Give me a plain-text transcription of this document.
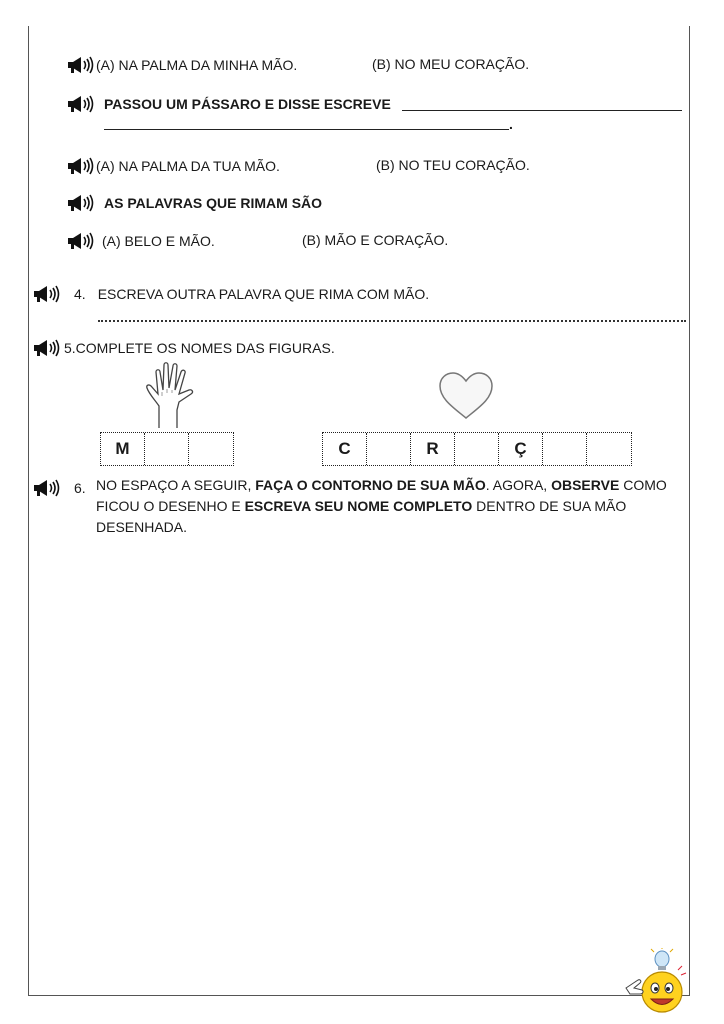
(A) NA PALMA DA MINHA MÃO.	(B) NO MEU CORAÇÃO.
PASSOU UM PÁSSARO E DISSE ESCREVE
.
(A) NA PALMA DA TUA MÃO.	(B) NO TEU CORAÇÃO.
AS PALAVRAS QUE RIMAM SÃO
(A) BELO E MÃO.	(B) MÃO E CORAÇÃO.
4. ESCREVA OUTRA PALAVRA QUE RIMA COM MÃO.
5.COMPLETE OS NOMES DAS FIGURAS.
M	C	R	Ç
6. NO ESPAÇO A SEGUIR, FAÇA O CONTORNO DE SUA MÃO. AGORA, OBSERVE COMO FICOU O DESENHO E ESCREVA SEU NOME COMPLETO DENTRO DE SUA MÃO DESENHADA.
